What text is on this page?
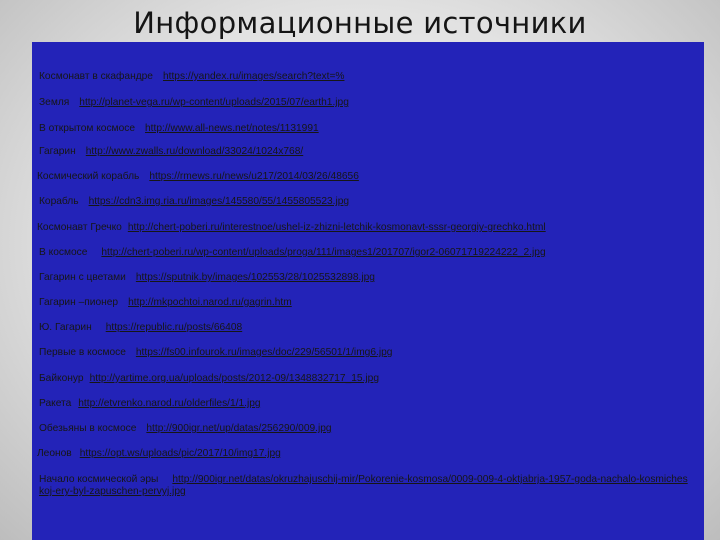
Информационные источники
Космонавт в скафандре https://yandex.ru/images/search?text=%
Земля http://planet-vega.ru/wp-content/uploads/2015/07/earth1.jpg
В открытом космосе http://www.all-news.net/notes/1131991
Гагарин http://www.zwalls.ru/download/33024/1024x768/
Космический корабль https://rmews.ru/news/u217/2014/03/26/48656
Корабль https://cdn3.img.ria.ru/images/145580/55/1455805523.jpg
Космонавт Гречко http://chert-poberi.ru/interestnoe/ushel-iz-zhizni-letchik-kosmonavt-sssr-georgiy-grechko.html
В космосе http://chert-poberi.ru/wp-content/uploads/proga/111/images1/201707/igor2-06071719224222_2.jpg
Гагарин с цветами https://sputnik.by/images/102553/28/1025532898.jpg
Гагарин –пионер http://mkpochtoi.narod.ru/gagrin.htm
Ю. Гагарин https://republic.ru/posts/66408
Первые в космосе https://fs00.infourok.ru/images/doc/229/56501/1/img6.jpg
Байконур http://yartime.org.ua/uploads/posts/2012-09/1348832717_15.jpg
Ракета http://etvrenko.narod.ru/olderfiles/1/1.jpg
Обезьяны в космосе http://900igr.net/up/datas/256290/009.jpg
Леонов https://opt.ws/uploads/pic/2017/10/img17.jpg
Начало космической эры http://900igr.net/datas/okruzhajuschij-mir/Pokorenie-kosmosa/0009-009-4-oktjabrja-1957-goda-nachalo-kosmicheskoj-ery-byl-zapuschen-pervyj.jpg
